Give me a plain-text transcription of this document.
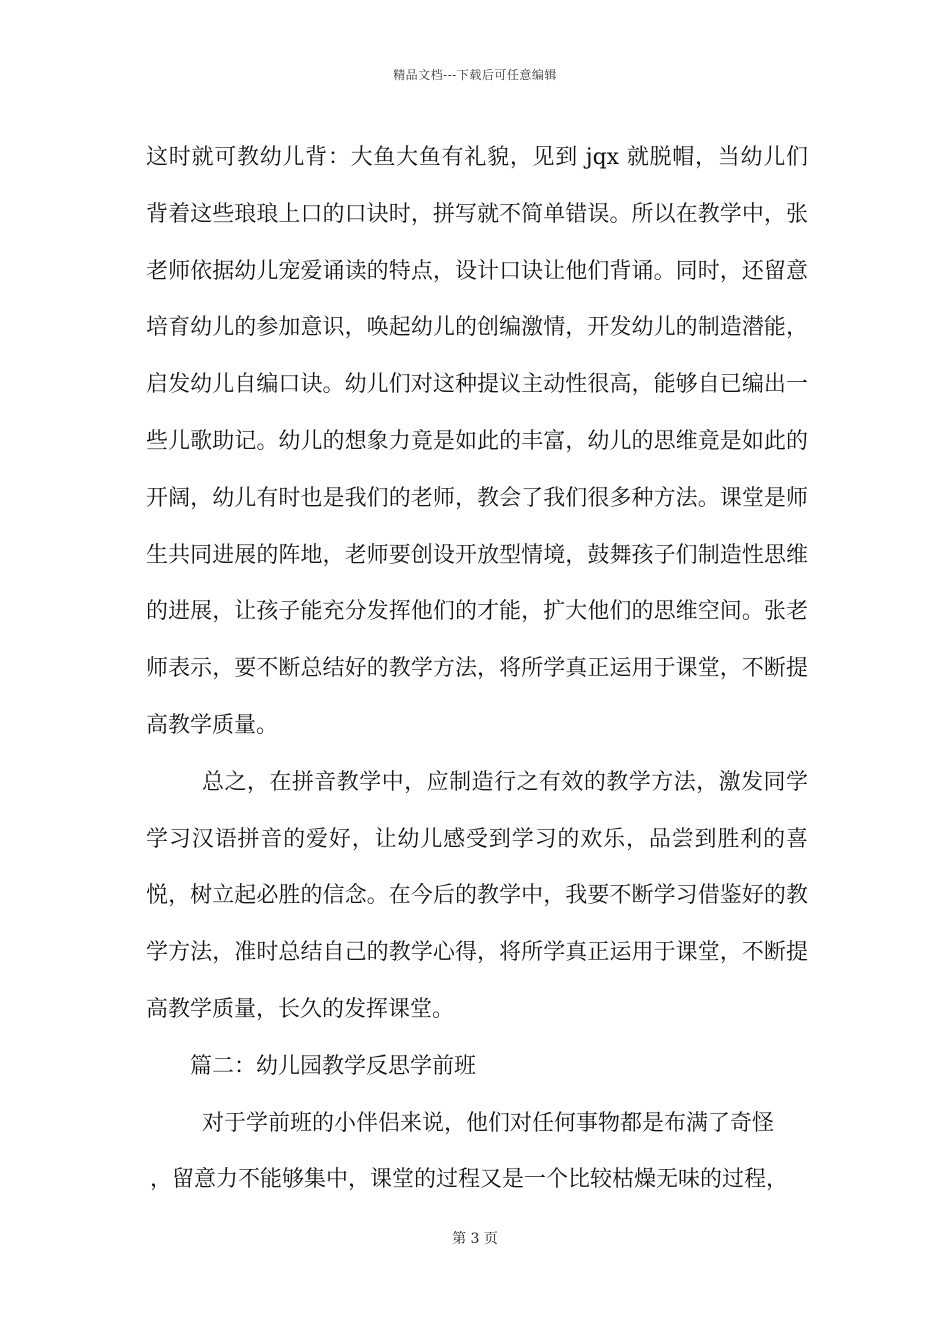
精品文档---下载后可任意编辑

这时就可教幼儿背：大鱼大鱼有礼貌，见到 jqx 就脱帽，当幼儿们背着这些琅琅上口的口诀时，拼写就不简单错误。所以在教学中，张老师依据幼儿宠爱诵读的特点，设计口诀让他们背诵。同时，还留意培育幼儿的参加意识，唤起幼儿的创编激情，开发幼儿的制造潜能，启发幼儿自编口诀。幼儿们对这种提议主动性很高，能够自已编出一些儿歌助记。幼儿的想象力竟是如此的丰富，幼儿的思维竟是如此的开阔，幼儿有时也是我们的老师，教会了我们很多种方法。课堂是师生共同进展的阵地，老师要创设开放型情境，鼓舞孩子们制造性思维的进展，让孩子能充分发挥他们的才能，扩大他们的思维空间。张老师表示，要不断总结好的教学方法，将所学真正运用于课堂，不断提高教学质量。

总之，在拼音教学中，应制造行之有效的教学方法，激发同学学习汉语拼音的爱好，让幼儿感受到学习的欢乐，品尝到胜利的喜悦，树立起必胜的信念。在今后的教学中，我要不断学习借鉴好的教学方法，准时总结自己的教学心得，将所学真正运用于课堂，不断提高教学质量，长久的发挥课堂。

篇二：幼儿园教学反思学前班

对于学前班的小伴侣来说，他们对任何事物都是布满了奇怪

，留意力不能够集中，课堂的过程又是一个比较枯燥无味的过程，

第 3 页
